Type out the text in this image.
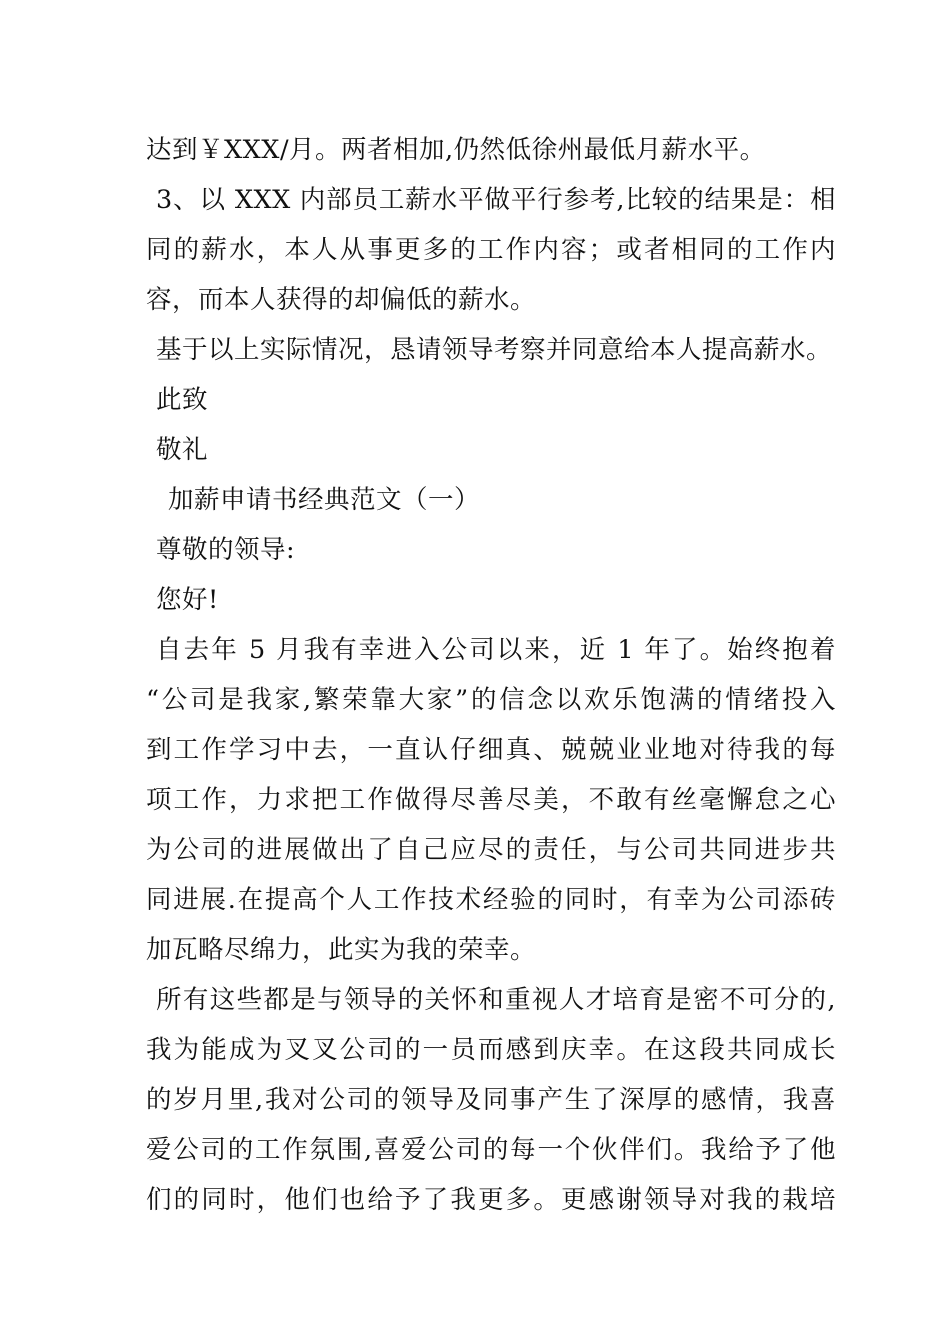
达到￥XXX/月。两者相加,仍然低徐州最低月薪水平。
3、以 XXX 内部员工薪水平做平行参考,比较的结果是：相
同的薪水，本人从事更多的工作内容；或者相同的工作内
容，而本人获得的却偏低的薪水。
基于以上实际情况，恳请领导考察并同意给本人提高薪水。
此致
敬礼
加薪申请书经典范文（一）
尊敬的领导:
您好!
自去年 5 月我有幸进入公司以来，近 1 年了。始终抱着
“公司是我家,繁荣靠大家”的信念以欢乐饱满的情绪投入
到工作学习中去，一直认仔细真、兢兢业业地对待我的每
项工作，力求把工作做得尽善尽美，不敢有丝毫懈怠之心
为公司的进展做出了自己应尽的责任，与公司共同进步共
同进展.在提高个人工作技术经验的同时，有幸为公司添砖
加瓦略尽绵力，此实为我的荣幸。
所有这些都是与领导的关怀和重视人才培育是密不可分的,
我为能成为叉叉公司的一员而感到庆幸。在这段共同成长
的岁月里,我对公司的领导及同事产生了深厚的感情，我喜
爱公司的工作氛围,喜爱公司的每一个伙伴们。我给予了他
们的同时，他们也给予了我更多。更感谢领导对我的栽培
